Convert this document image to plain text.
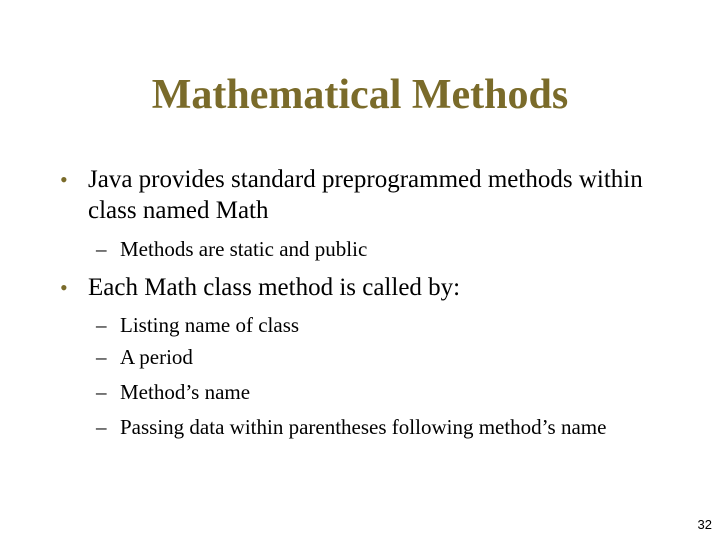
Mathematical Methods
• Java provides standard preprogrammed methods within class named Math
– Methods are static and public
• Each Math class method is called by:
– Listing name of class
– A period
– Method’s name
– Passing data within parentheses following method’s name
32
